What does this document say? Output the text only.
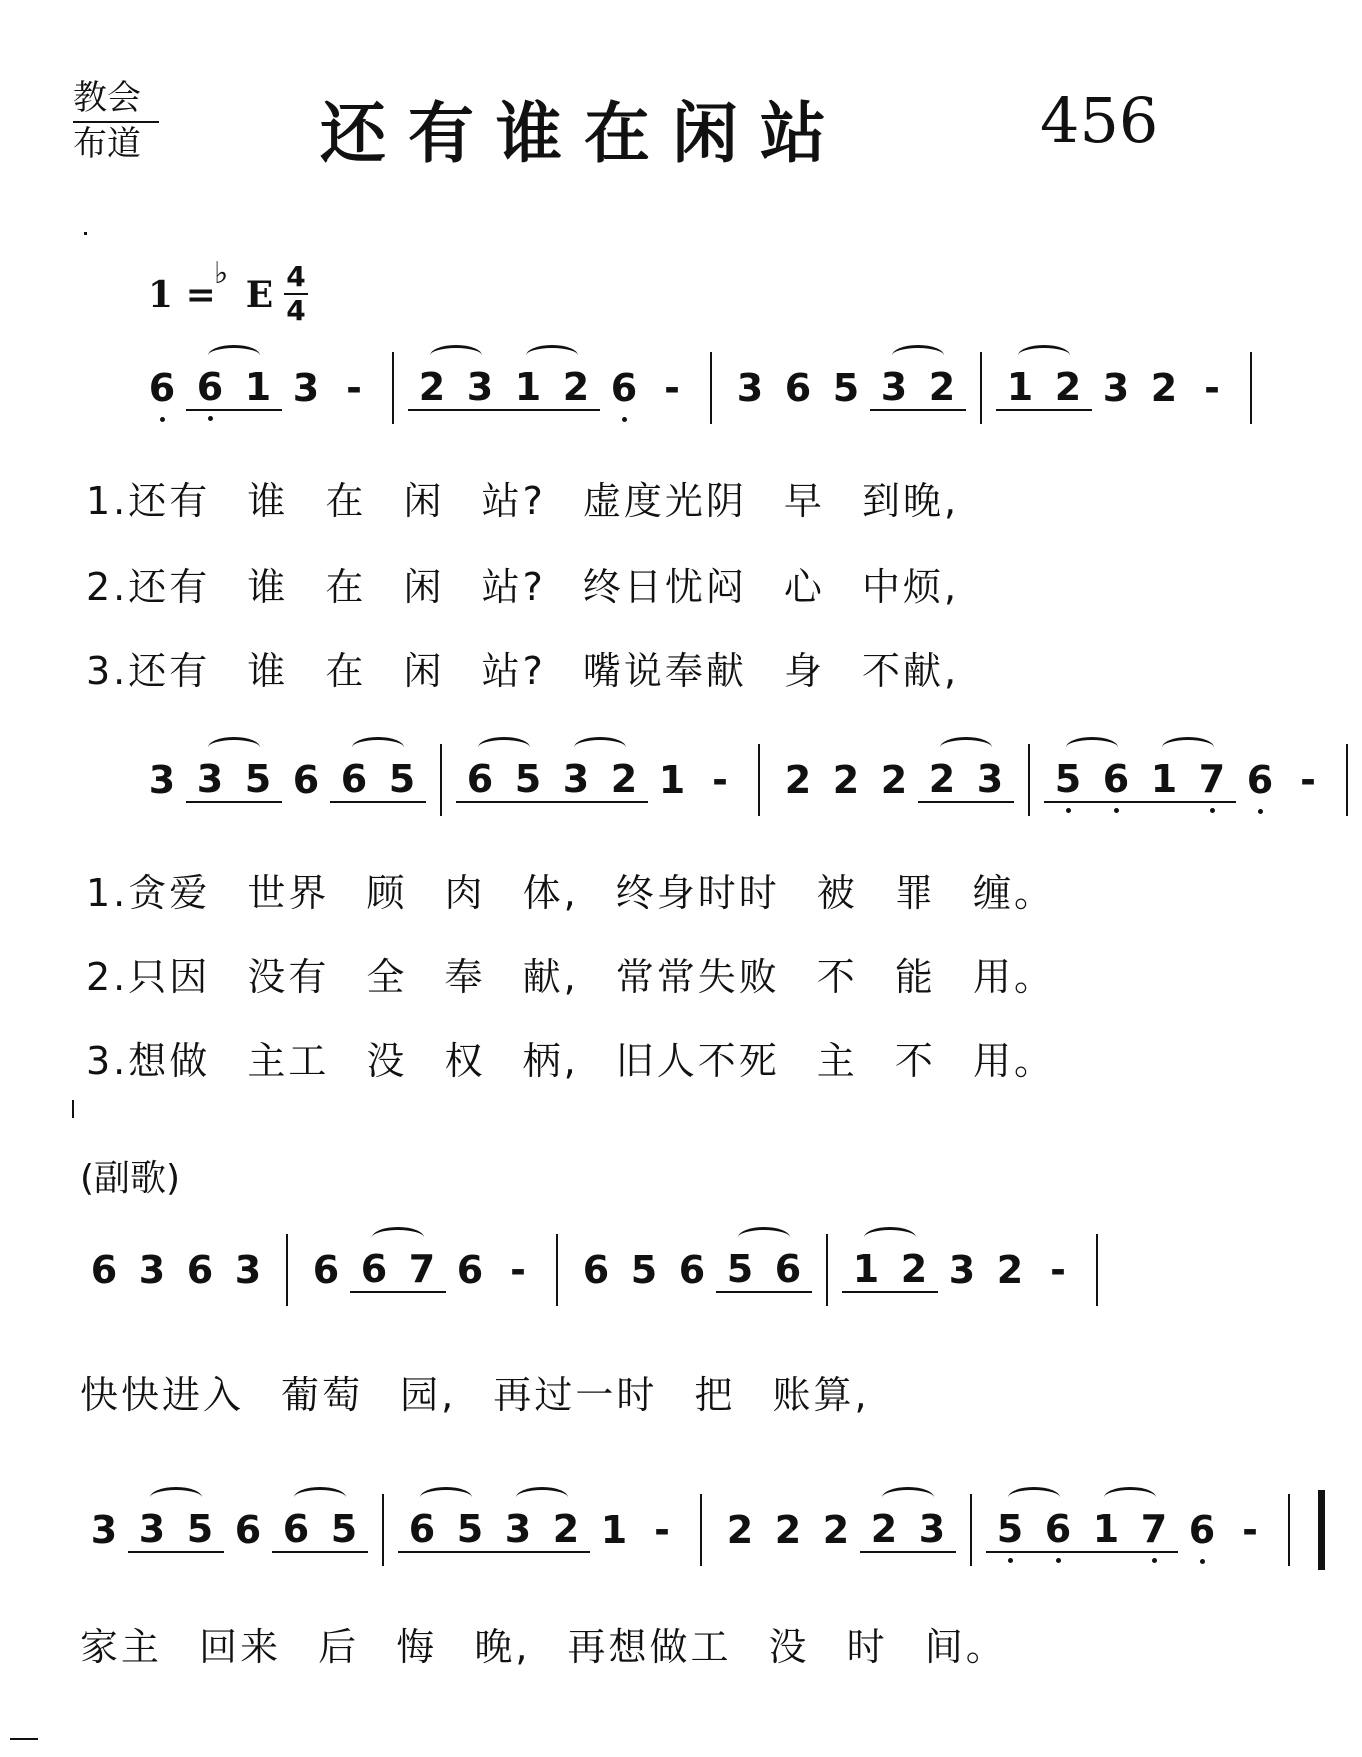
教会
布道	还有谁在闲站	456
1 = E
♭ 4
4
6 6 1 3 -	2 3 1 2 6 -	3 6 5 3 2 1 2 3 2 -
1.还有 谁 在 闲 站? 虚度光阴 早 到晚,
2.还有 谁 在 闲 站? 终日忧闷 心 中烦,
3.还有 谁 在 闲 站? 嘴说奉献 身 不献,
3 3 5 6 6 5 6 5 3 2 1 -	2 2 2 2 3 5 6 1 7 6 -
1.贪爱 世界 顾 肉 体, 终身时时 被 罪 缠。
2.只因 没有 全 奉 献, 常常失败 不 能 用。
3.想做 主工 没 权 柄, 旧人不死 主 不 用。
(副歌)
6 3 6 3 6 6 7 6 -	6 5 6 5 6 1 2 3 2 -
快快进入 葡萄 园, 再过一时 把 账算,
3 3 5 6 6 5 6 5 3 2 1 -	2 2 2 2 3 5 6 1 7 6 -
家主 回来 后 悔 晚, 再想做工 没 时 间。
